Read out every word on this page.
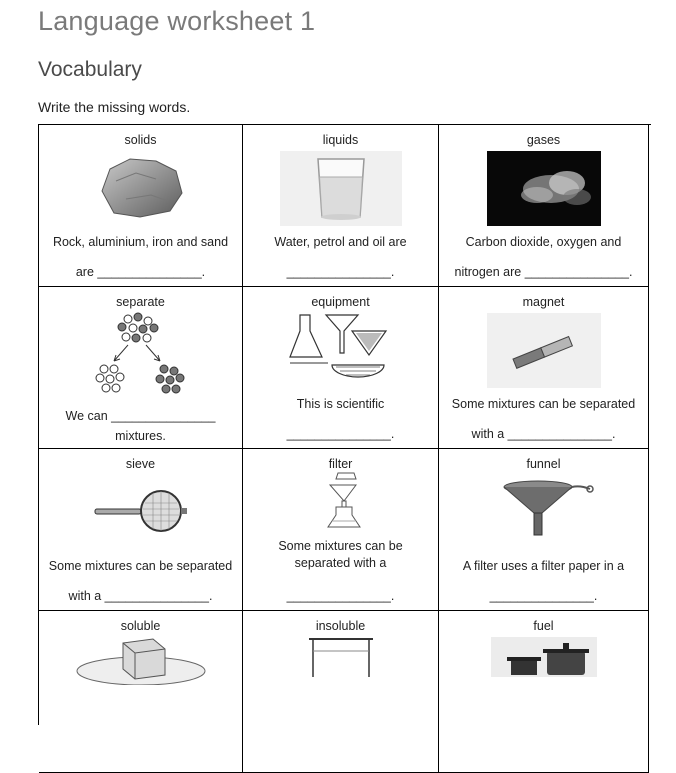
Language worksheet 1
Vocabulary
Write the missing words.
solids
Rock, aluminium, iron and sand
are _______________.
liquids
Water, petrol and oil are
_______________.
gases
Carbon dioxide, oxygen and
nitrogen are _______________.
separate
We can _______________
mixtures.
equipment
This is scientific
_______________.
magnet
Some mixtures can be separated
with a _______________.
sieve
Some mixtures can be separated
with a _______________.
filter
Some mixtures can be
separated with a
_______________.
funnel
A filter uses a filter paper in a
_______________.
soluble	insoluble	fuel
